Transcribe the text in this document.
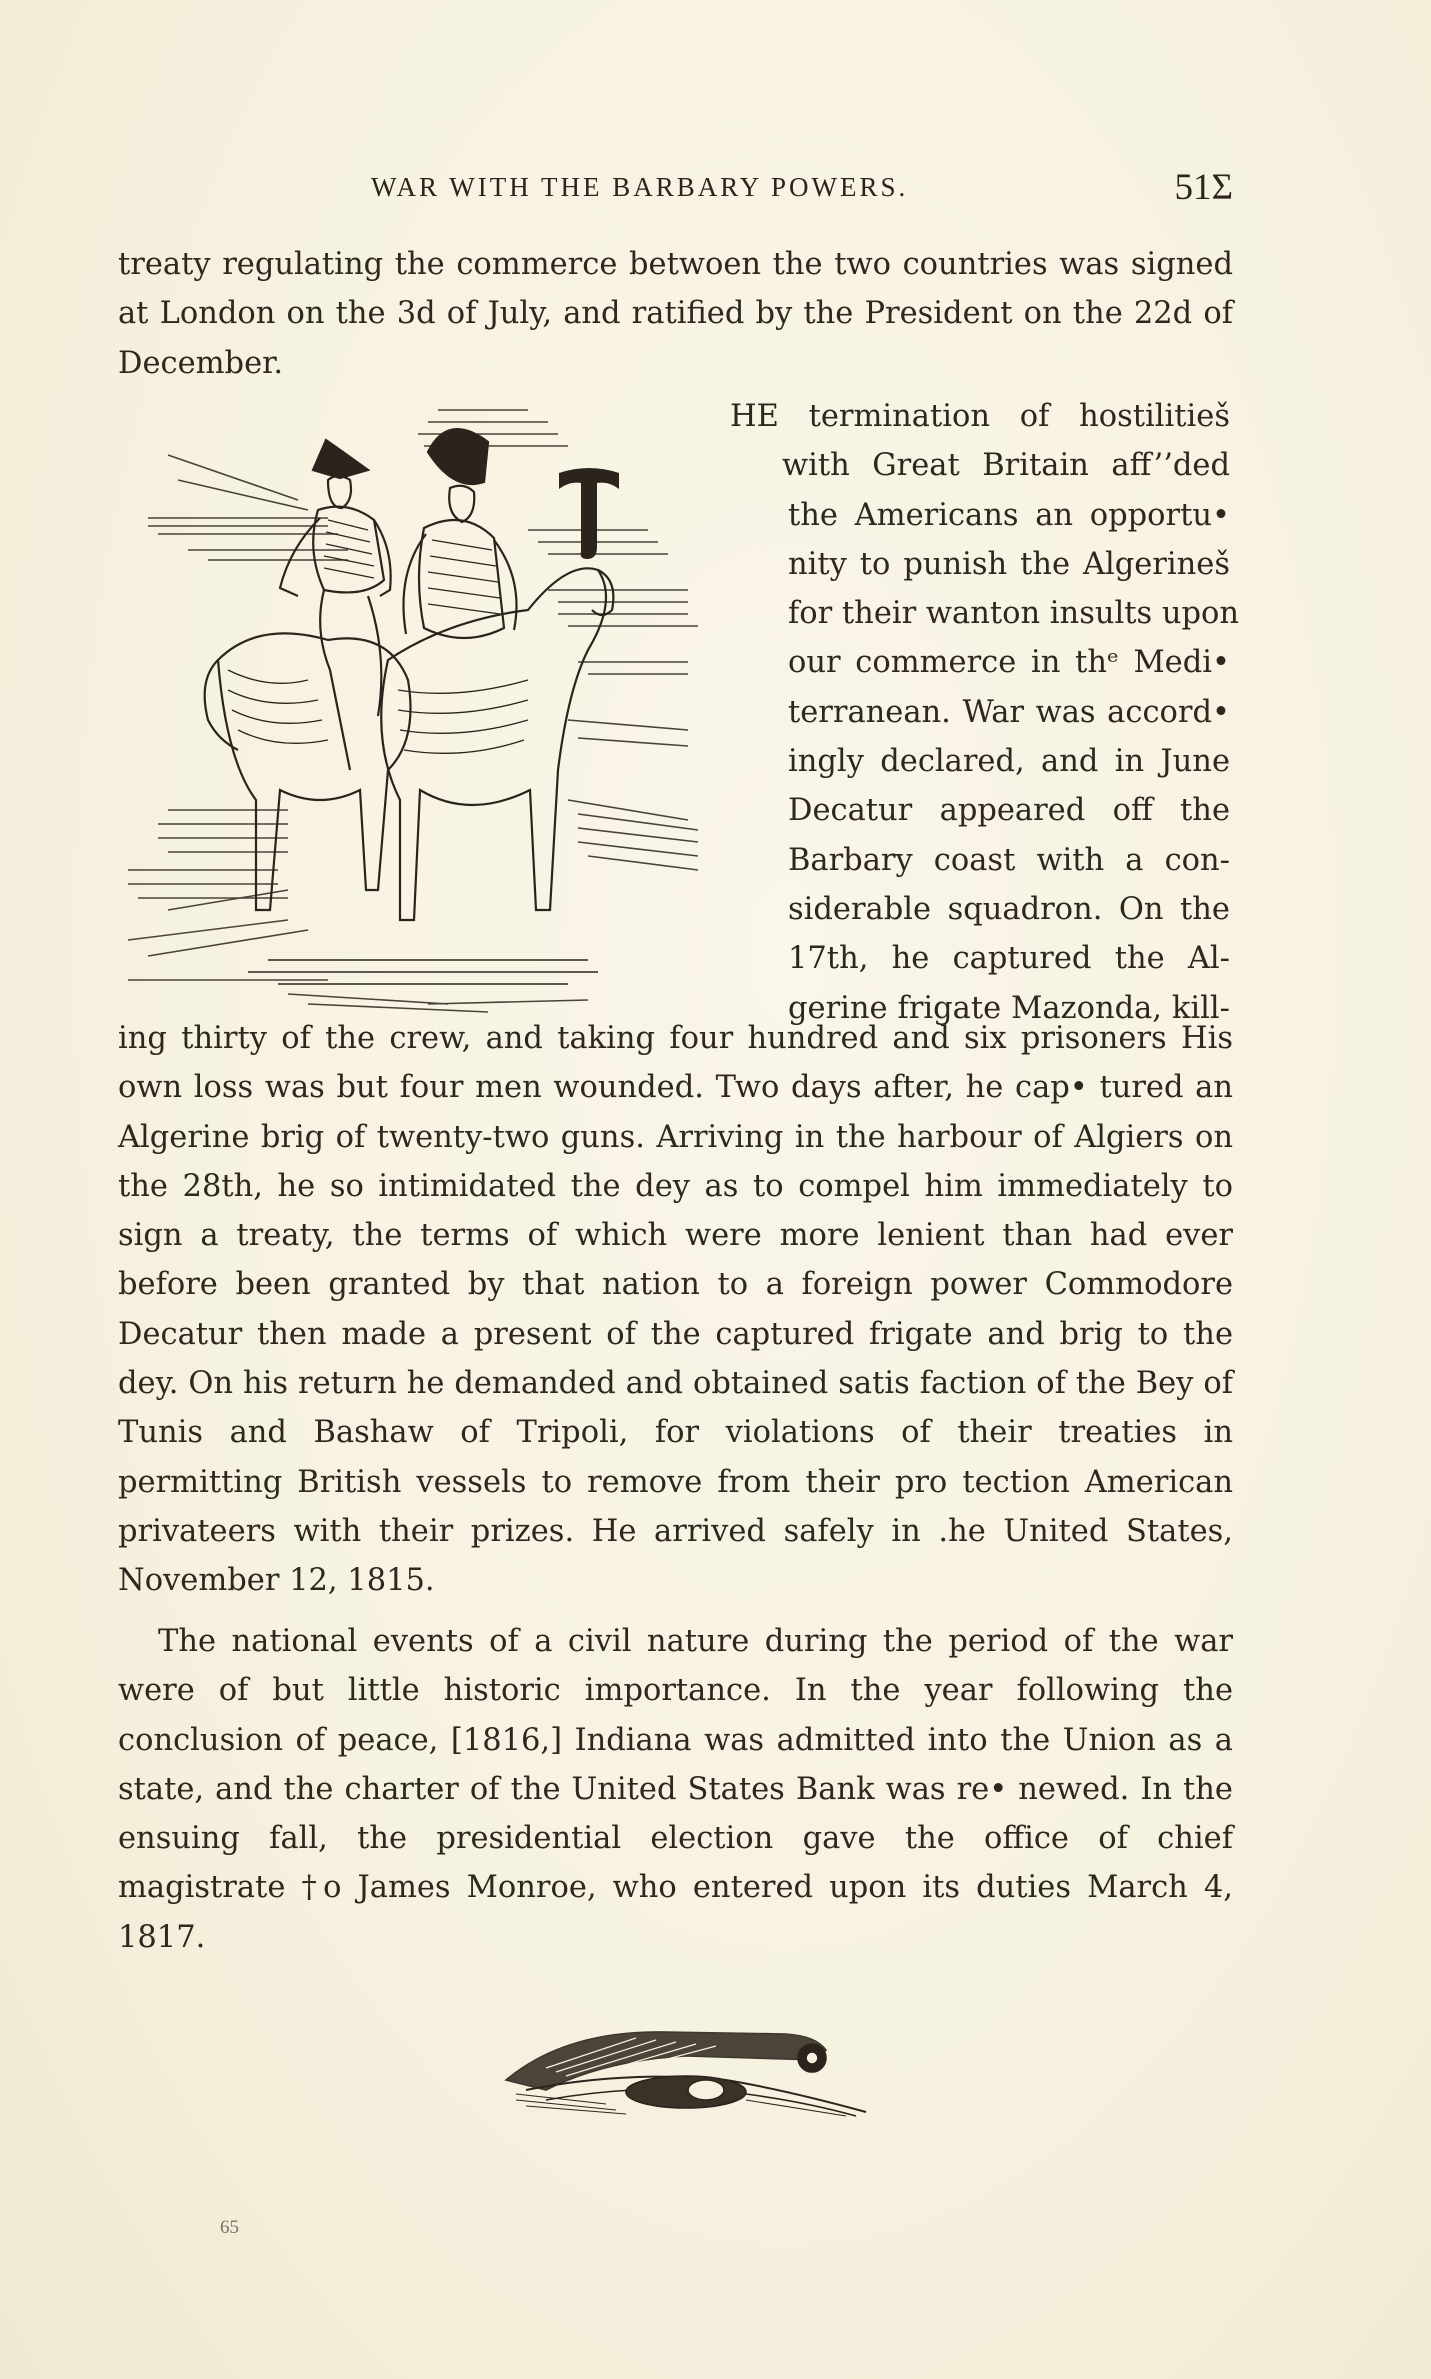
WAR WITH THE BARBARY POWERS.	51Σ
treaty regulating the commerce betwoen the two countries was signed at London on the 3d of July, and ratified by the President on the 22d of December.
HE termination of hostilitieš
with Great Britain aff’’ded
the Americans an opportu•
nity to punish the Algerineš
for their wanton insults upon
our commerce in thᵉ Medi•
terranean. War was accord•
ingly declared, and in June
Decatur appeared off the
Barbary coast with a con-
siderable squadron. On the
17th, he captured the Al-
gerine frigate Mazonda, kill-
ing thirty of the crew, and taking four hundred and six prisoners His own loss was but four men wounded. Two days after, he cap• tured an Algerine brig of twenty-two guns. Arriving in the harbour of Algiers on the 28th, he so intimidated the dey as to compel him immediately to sign a treaty, the terms of which were more lenient than had ever before been granted by that nation to a foreign power Commodore Decatur then made a present of the captured frigate and brig to the dey. On his return he demanded and obtained satis faction of the Bey of Tunis and Bashaw of Tripoli, for violations of their treaties in permitting British vessels to remove from their pro tection American privateers with their prizes. He arrived safely in .he United States, November 12, 1815.
The national events of a civil nature during the period of the war were of but little historic importance. In the year following the conclusion of peace, [1816,] Indiana was admitted into the Union as a state, and the charter of the United States Bank was re• newed. In the ensuing fall, the presidential election gave the office of chief magistrate †o James Monroe, who entered upon its duties March 4, 1817.
65
